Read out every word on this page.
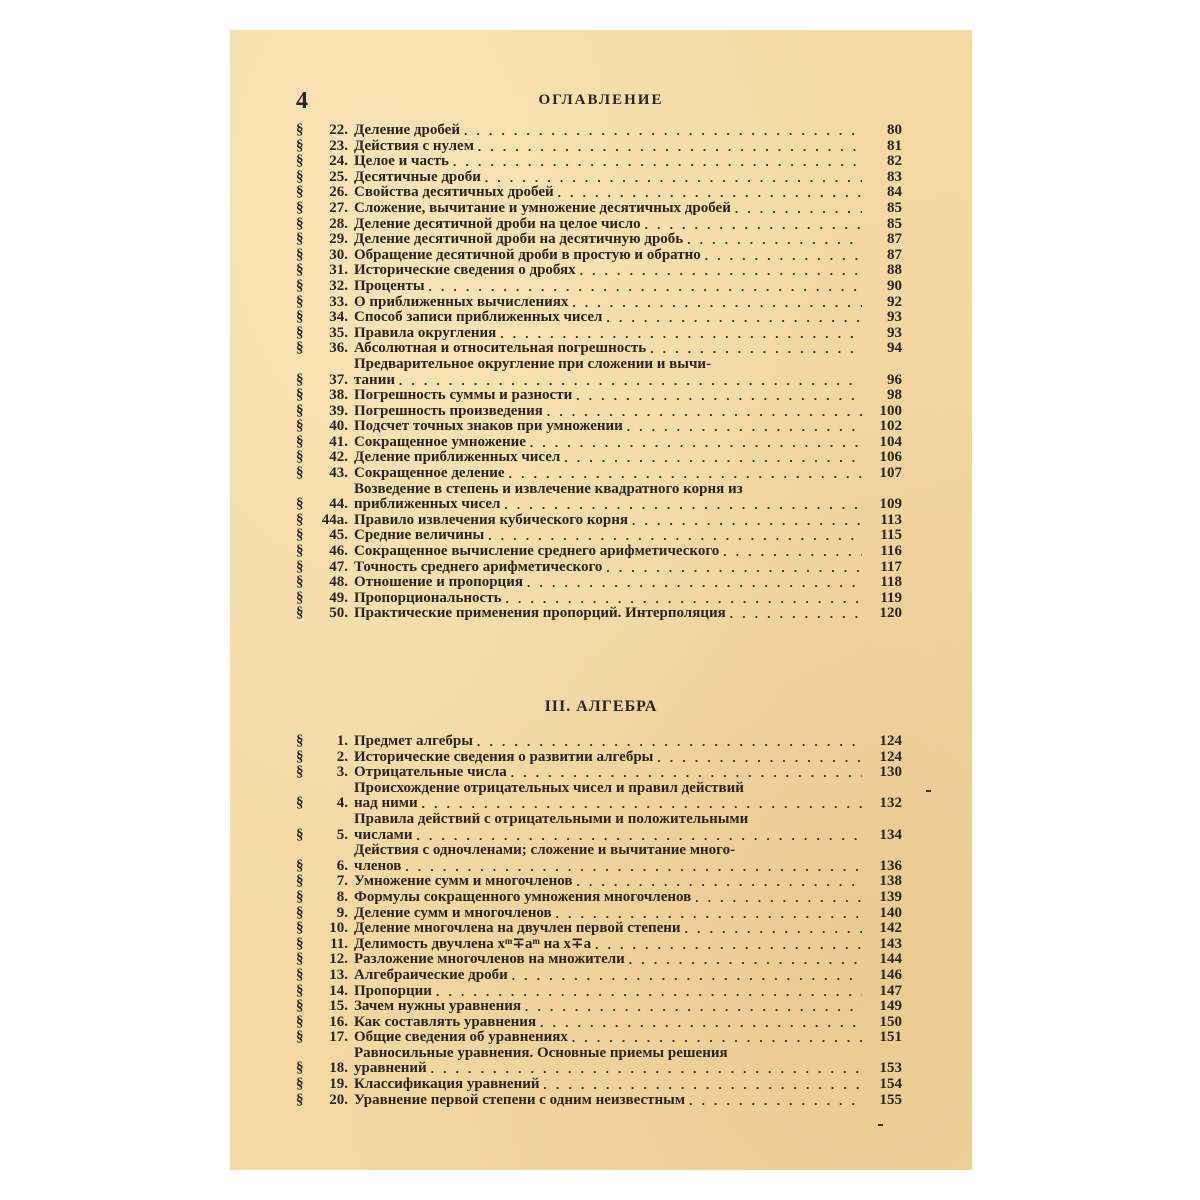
4	ОГЛАВЛЕНИЕ
§	22. Деление дробей . . .	80
§	23. Действия с нулем . . .	81
§	24. Целое и часть . . .	82
§	25. Десятичные дроби . . .	83
§	26. Свойства десятичных дробей . . .	84
§	27. Сложение, вычитание и умножение десятичных дробей . . .	85
§	28. Деление десятичной дроби на целое число . . .	85
§	29. Деление десятичной дроби на десятичную дробь . . .	87
§	30. Обращение десятичной дроби в простую и обратно . . .	87
§	31. Исторические сведения о дробях . . .	88
§	32. Проценты . . .	90
§	33. О приближенных вычислениях . . .	92
§	34. Способ записи приближенных чисел . . .	93
§	35. Правила округления . . .	93
§	36. Абсолютная и относительная погрешность . . .	94
§	37.
Предварительное округление при сложении и вычи-
тании . . .	96
§	38. Погрешность суммы и разности . . .	98
§	39. Погрешность произведения . . .	100
§	40. Подсчет точных знаков при умножении . . .	102
§	41. Сокращенное умножение . . .	104
§	42. Деление приближенных чисел . . .	106
§	43. Сокращенное деление . . .	107
§	44.
Возведение в степень и извлечение квадратного корня из
приближенных чисел . . .	109
§	44а. Правило извлечения кубического корня . . .	113
§	45. Средние величины . . .	115
§	46. Сокращенное вычисление среднего арифметического . . .	116
§	47. Точность среднего арифметического . . .	117
§	48. Отношение и пропорция . . .	118
§	49. Пропорциональность . . .	119
§	50. Практические применения пропорций. Интерполяция . . .	120
III. АЛГЕБРА
§	1. Предмет алгебры . . .	124
§	2. Исторические сведения о развитии алгебры . . .	124
§	3. Отрицательные числа . . .	130
§	4.
Происхождение отрицательных чисел и правил действий
над ними . . .	132
§	5.
Правила действий с отрицательными и положительными
числами . . .	134
§	6.
Действия с одночленами; сложение и вычитание много-
членов . . .	136
§	7. Умножение сумм и многочленов . . .	138
§	8. Формулы сокращенного умножения многочленов . . .	139
§	9. Деление сумм и многочленов . . .	140
§	10. Деление многочлена на двучлен первой степени . . .	142
§	11. Делимость двучлена xᵐ∓aᵐ на x∓a . . .	143
§	12. Разложение многочленов на множители . . .	144
§	13. Алгебраические дроби . . .	146
§	14. Пропорции . . .	147
§	15. Зачем нужны уравнения . . .	149
§	16. Как составлять уравнения . . .	150
§	17. Общие сведения об уравнениях . . .	151
§	18.
Равносильные уравнения. Основные приемы решения
уравнений . . .	153
§	19. Классификация уравнений . . .	154
§	20. Уравнение первой степени с одним неизвестным . . .	155
